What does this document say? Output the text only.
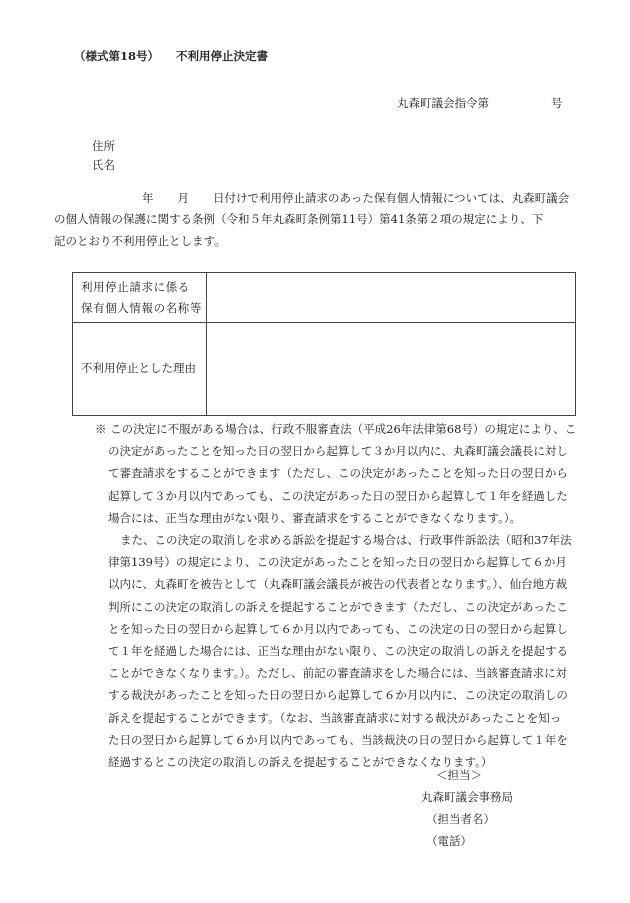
（様式第18号） 不利用停止決定書
丸森町議会指令第	号
住所
氏名
年 月 日付けで利用停止請求のあった保有個人情報については、丸森町議会
の個人情報の保護に関する条例（令和５年丸森町条例第11号）第41条第２項の規定により、下
記のとおり不利用停止とします。
利用停止請求に係る
保有個人情報の名称等
不利用停止とした理由
※ この決定に不服がある場合は、行政不服審査法（平成26年法律第68号）の規定により、こ
の決定があったことを知った日の翌日から起算して３か月以内に、丸森町議会議長に対し
て審査請求をすることができます（ただし、この決定があったことを知った日の翌日から
起算して３か月以内であっても、この決定があった日の翌日から起算して１年を経過した
場合には、正当な理由がない限り、審査請求をすることができなくなります。）。
また、この決定の取消しを求める訴訟を提起する場合は、行政事件訴訟法（昭和37年法
律第139号）の規定により、この決定があったことを知った日の翌日から起算して６か月
以内に、丸森町を被告として（丸森町議会議長が被告の代表者となります。）、仙台地方裁
判所にこの決定の取消しの訴えを提起することができます（ただし、この決定があったこ
とを知った日の翌日から起算して６か月以内であっても、この決定の日の翌日から起算し
て１年を経過した場合には、正当な理由がない限り、この決定の取消しの訴えを提起する
ことができなくなります。）。ただし、前記の審査請求をした場合には、当該審査請求に対
する裁決があったことを知った日の翌日から起算して６か月以内に、この決定の取消しの
訴えを提起することができます。（なお、当該審査請求に対する裁決があったことを知っ
た日の翌日から起算して６か月以内であっても、当該裁決の日の翌日から起算して１年を
経過するとこの決定の取消しの訴えを提起することができなくなります。）
＜担当＞
丸森町議会事務局
（担当者名）
（電話）
